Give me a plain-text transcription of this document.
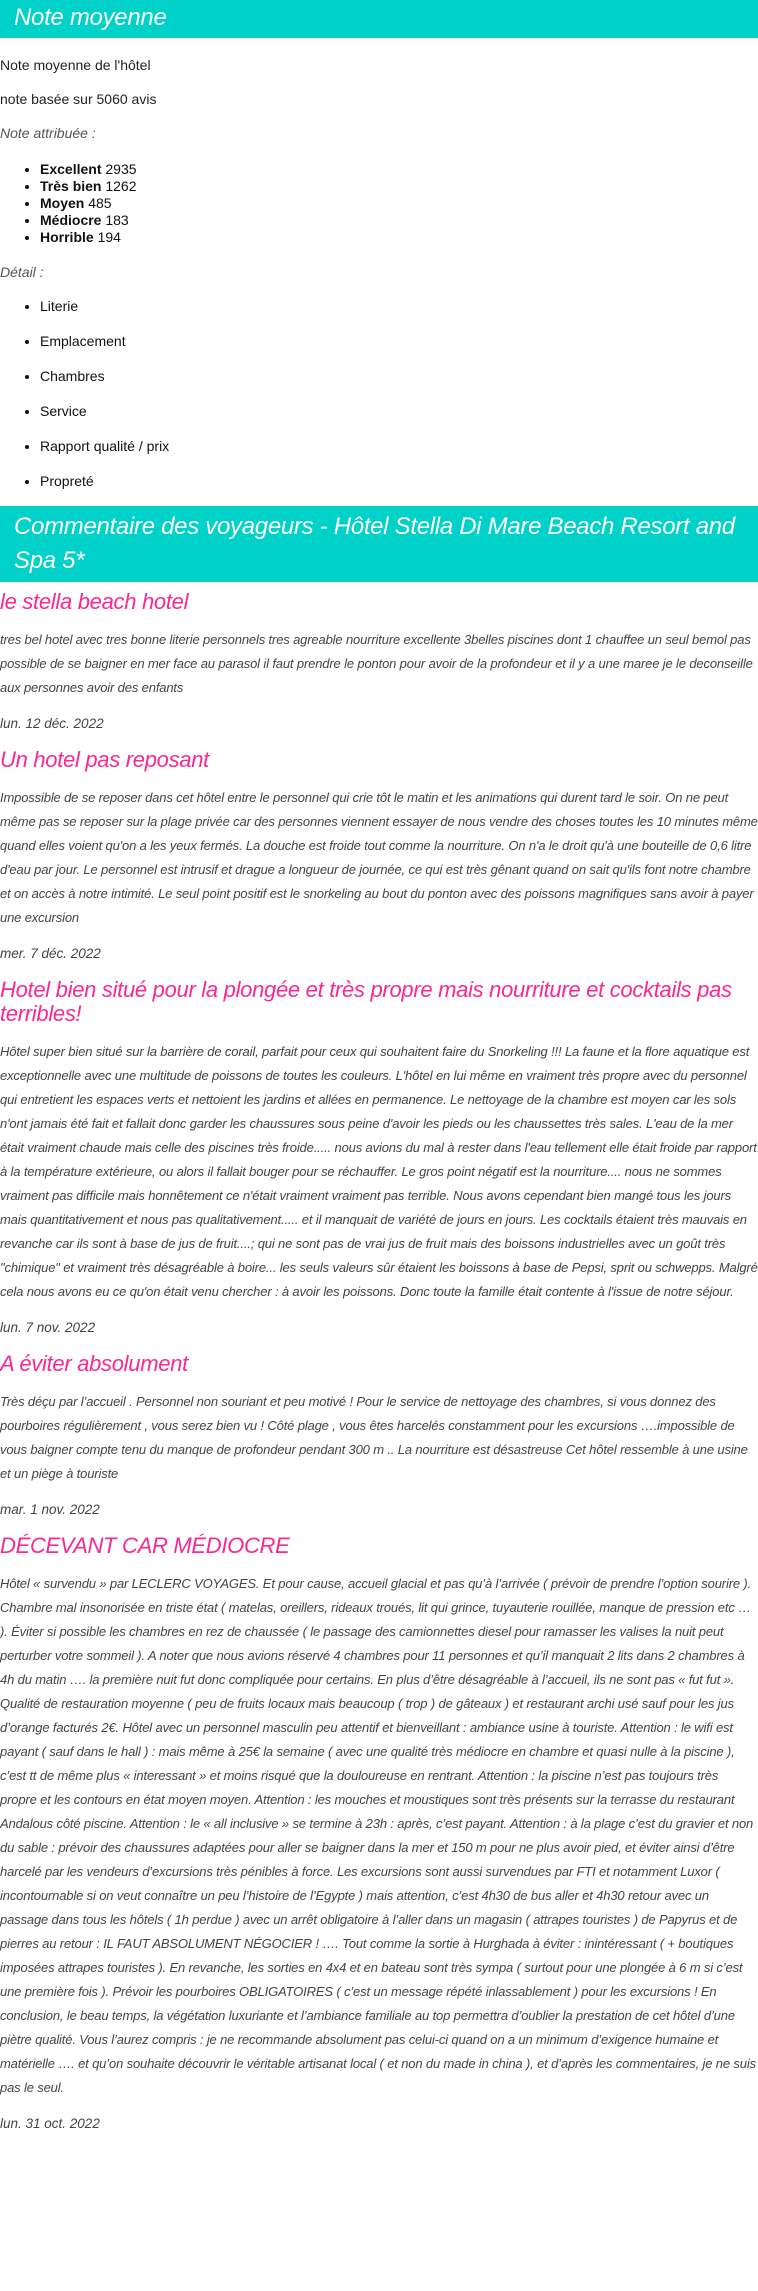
Note moyenne

Note moyenne de l'hôtel

note basée sur 5060 avis

Note attribuée :

• Excellent 2935
• Très bien 1262
• Moyen 485
• Médiocre 183
• Horrible 194

Détail :

• Literie
• Emplacement
• Chambres
• Service
• Rapport qualité / prix
• Propreté
Commentaire des voyageurs - Hôtel Stella Di Mare Beach Resort and Spa 5*
le stella beach hotel

tres bel hotel avec tres bonne literie personnels tres agreable nourriture excellente 3belles piscines dont 1 chauffee un seul bemol pas possible de se baigner en mer face au parasol il faut prendre le ponton pour avoir de la profondeur et il y a une maree je le deconseille aux personnes avoir des enfants

lun. 12 déc. 2022

Un hotel pas reposant

Impossible de se reposer dans cet hôtel entre le personnel qui crie tôt le matin et les animations qui durent tard le soir. On ne peut même pas se reposer sur la plage privée car des personnes viennent essayer de nous vendre des choses toutes les 10 minutes même quand elles voient qu'on a les yeux fermés. La douche est froide tout comme la nourriture. On n'a le droit qu'à une bouteille de 0,6 litre d'eau par jour. Le personnel est intrusif et drague a longueur de journée, ce qui est très gênant quand on sait qu'ils font notre chambre et on accès à notre intimité. Le seul point positif est le snorkeling au bout du ponton avec des poissons magnifiques sans avoir à payer une excursion

mer. 7 déc. 2022

Hotel bien situé pour la plongée et très propre mais nourriture et cocktails pas terribles!

Hôtel super bien situé sur la barrière de corail, parfait pour ceux qui souhaitent faire du Snorkeling !!! La faune et la flore aquatique est exceptionnelle avec une multitude de poissons de toutes les couleurs. L'hôtel en lui même en vraiment très propre avec du personnel qui entretient les espaces verts et nettoient les jardins et allées en permanence. Le nettoyage de la chambre est moyen car les sols n'ont jamais été fait et fallait donc garder les chaussures sous peine d'avoir les pieds ou les chaussettes très sales. L'eau de la mer était vraiment chaude mais celle des piscines très froide..... nous avions du mal à rester dans l'eau tellement elle était froide par rapport à la température extérieure, ou alors il fallait bouger pour se réchauffer. Le gros point négatif est la nourriture.... nous ne sommes vraiment pas difficile mais honnêtement ce n'était vraiment vraiment pas terrible. Nous avons cependant bien mangé tous les jours mais quantitativement et nous pas qualitativement..... et il manquait de variété de jours en jours. Les cocktails étaient très mauvais en revanche car ils sont à base de jus de fruit....; qui ne sont pas de vrai jus de fruit mais des boissons industrielles avec un goût très "chimique" et vraiment très désagréable à boire... les seuls valeurs sûr étaient les boissons à base de Pepsi, sprit ou schwepps. Malgré cela nous avons eu ce qu'on était venu chercher : à avoir les poissons. Donc toute la famille était contente à l'issue de notre séjour.

lun. 7 nov. 2022

A éviter absolument

Très déçu par l’accueil . Personnel non souriant et peu motivé ! Pour le service de nettoyage des chambres, si vous donnez des pourboires régulièrement , vous serez bien vu ! Côté plage , vous êtes harcelés constamment pour les excursions ….impossible de vous baigner compte tenu du manque de profondeur pendant 300 m .. La nourriture est désastreuse Cet hôtel ressemble à une usine et un piège à touriste

mar. 1 nov. 2022

DÉCEVANT CAR MÉDIOCRE

Hôtel « survendu » par LECLERC VOYAGES. Et pour cause, accueil glacial et pas qu’à l’arrivée ( prévoir de prendre l’option sourire ). Chambre mal insonorisée en triste état ( matelas, oreillers, rideaux troués, lit qui grince, tuyauterie rouillée, manque de pression etc … ). Éviter si possible les chambres en rez de chaussée ( le passage des camionnettes diesel pour ramasser les valises la nuit peut perturber votre sommeil ). A noter que nous avions réservé 4 chambres pour 11 personnes et qu’il manquait 2 lits dans 2 chambres à 4h du matin …. la première nuit fut donc compliquée pour certains. En plus d’être désagréable à l’accueil, ils ne sont pas « fut fut ». Qualité de restauration moyenne ( peu de fruits locaux mais beaucoup ( trop ) de gâteaux ) et restaurant archi usé sauf pour les jus d’orange facturés 2€. Hôtel avec un personnel masculin peu attentif et bienveillant : ambiance usine à touriste. Attention : le wifi est payant ( sauf dans le hall ) : mais même à 25€ la semaine ( avec une qualité très médiocre en chambre et quasi nulle à la piscine ), c’est tt de même plus « interessant » et moins risqué que la douloureuse en rentrant. Attention : la piscine n’est pas toujours très propre et les contours en état moyen moyen. Attention : les mouches et moustiques sont très présents sur la terrasse du restaurant Andalous côté piscine. Attention : le « all inclusive » se termine à 23h : après, c’est payant. Attention : à la plage c’est du gravier et non du sable : prévoir des chaussures adaptées pour aller se baigner dans la mer et 150 m pour ne plus avoir pied, et éviter ainsi d’être harcelé par les vendeurs d’excursions très pénibles à force. Les excursions sont aussi survendues par FTI et notamment Luxor ( incontournable si on veut connaître un peu l’histoire de l’Egypte ) mais attention, c’est 4h30 de bus aller et 4h30 retour avec un passage dans tous les hôtels ( 1h perdue ) avec un arrêt obligatoire à l’aller dans un magasin ( attrapes touristes ) de Papyrus et de pierres au retour : IL FAUT ABSOLUMENT NÉGOCIER ! …. Tout comme la sortie à Hurghada à éviter : inintéressant ( + boutiques imposées attrapes touristes ). En revanche, les sorties en 4x4 et en bateau sont très sympa ( surtout pour une plongée à 6 m si c’est une première fois ). Prévoir les pourboires OBLIGATOIRES ( c’est un message répété inlassablement ) pour les excursions ! En conclusion, le beau temps, la végétation luxuriante et l’ambiance familiale au top permettra d’oublier la prestation de cet hôtel d’une piètre qualité. Vous l’aurez compris : je ne recommande absolument pas celui-ci quand on a un minimum d’exigence humaine et matérielle …. et qu’on souhaite découvrir le véritable artisanat local ( et non du made in china ), et d’après les commentaires, je ne suis pas le seul.

lun. 31 oct. 2022
